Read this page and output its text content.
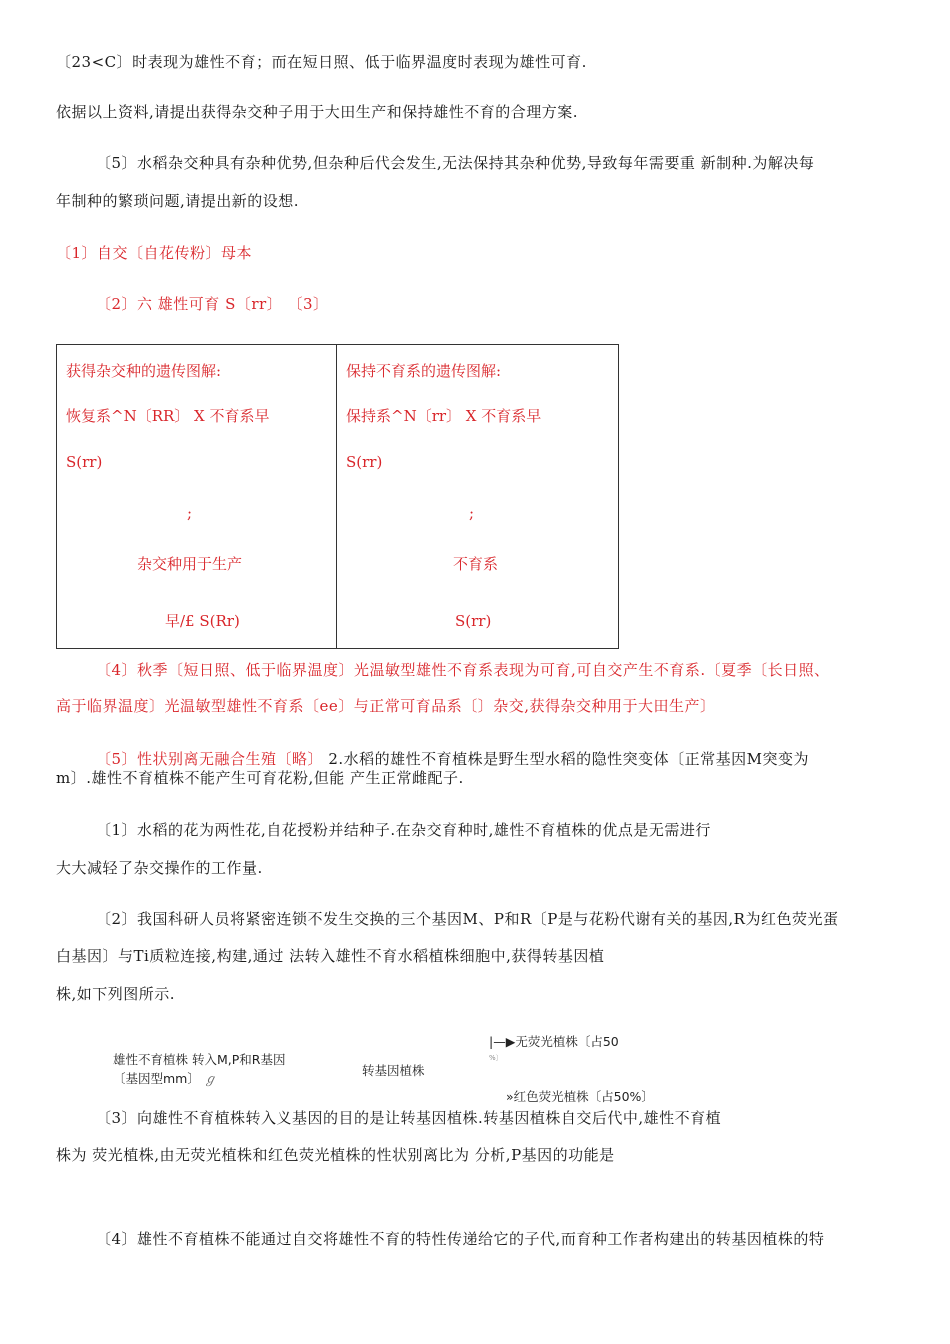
〔23<C〕时表现为雄性不育；而在短日照、低于临界温度时表现为雄性可育.
依据以上资料,请提出获得杂交种子用于大田生产和保持雄性不育的合理方案.
〔5〕水稻杂交种具有杂种优势,但杂种后代会发生,无法保持其杂种优势,导致每年需要重 新制种.为解决每
年制种的繁琐问题,请提出新的设想.
〔1〕自交〔自花传粉〕母本
〔2〕六 雄性可育 S〔rr〕 〔3〕
获得杂交种的遗传图解:
恢复系^N〔RR〕 X 不育系早
S(rr)
;
杂交种用于生产
早/£ S(Rr)
保持不育系的遗传图解:
保持系^N〔rr〕 X 不育系早
S(rr)
;
不育系
S(rr)
〔4〕秋季〔短日照、低于临界温度〕光温敏型雄性不育系表现为可育,可自交产生不育系.〔夏季〔长日照、
高于临界温度〕光温敏型雄性不育系〔ee〕与正常可育品系〔〕杂交,获得杂交种用于大田生产〕
〔5〕性状别离无融合生殖〔略〕 2.水稻的雄性不育植株是野生型水稻的隐性突变体〔正常基因M突变为
m〕.雄性不育植株不能产生可育花粉,但能 产生正常雌配子.
〔1〕水稻的花为两性花,自花授粉并结种子.在杂交育种时,雄性不育植株的优点是无需进行
大大减轻了杂交操作的工作量.
〔2〕我国科研人员将紧密连锁不发生交换的三个基因M、P和R〔P是与花粉代谢有关的基因,R为红色荧光蛋
白基因〕与Ti质粒连接,构建,通过 法转入雄性不育水稻植株细胞中,获得转基因植
株,如下列图所示.
雄性不育植株 转入M,P和R基因
〔基因型mm〕 ℊ
转基因植株
|—▶无荧光植株〔占50
%〕
»红色荧光植株〔占50%〕
〔3〕向雄性不育植株转入义基因的目的是让转基因植株.转基因植株自交后代中,雄性不育植
株为 荧光植株,由无荧光植株和红色荧光植株的性状别离比为 分析,P基因的功能是
〔4〕雄性不育植株不能通过自交将雄性不育的特性传递给它的子代,而育种工作者构建出的转基因植株的特
